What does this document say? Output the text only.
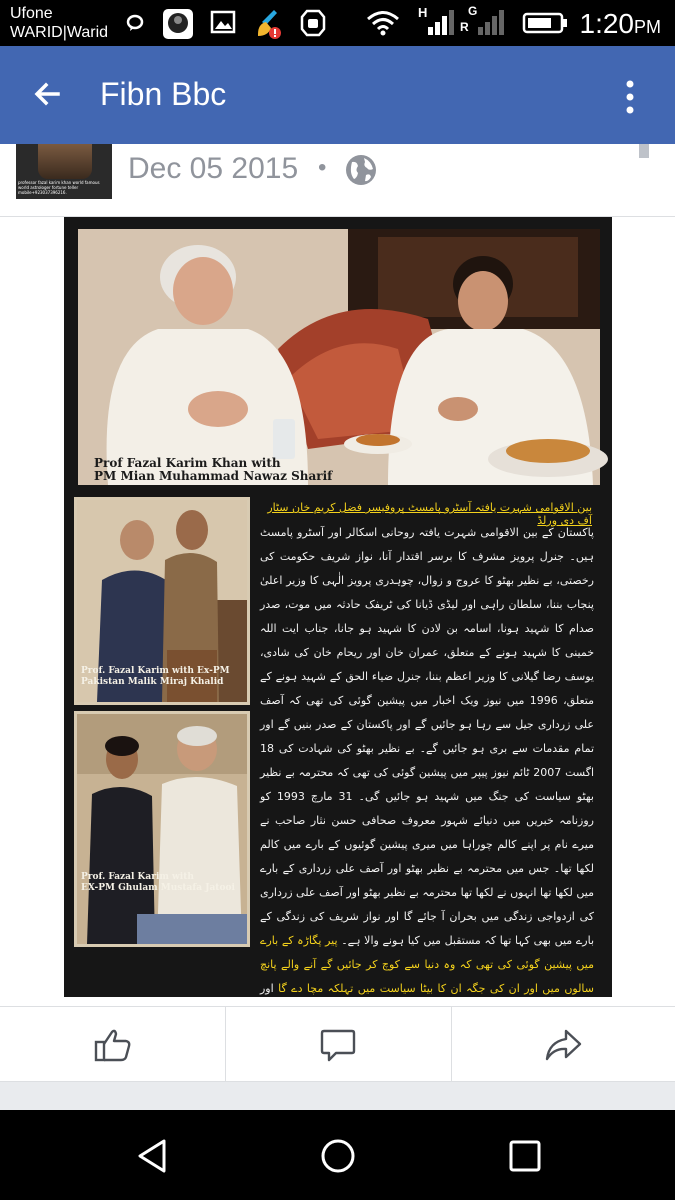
Ufone
WARID|Warid
H	G
R	1:20PM
Fibn Bbc
professor fazal karim khan world famous world astrologer fortune teller mobile+923037396216.
Dec 05 2015 •
Prof Fazal Karim Khan with
PM Mian Muhammad Nawaz Sharif
Prof. Fazal Karim with Ex-PM
Pakistan Malik Miraj Khalid
Prof. Fazal Karim with
EX-PM Ghulam Mustafa Jatooi
بین الاقوامی شہرت یافتہ آسٹرو پامسٹ پروفیسر فضل کریم خان سٹار آف دی ورلڈ
پاکستان کے بین الاقوامی شہرت یافتہ روحانی اسکالر اور آسٹرو پامسٹ ہیں۔ جنرل پرویز مشرف کا برسر اقتدار آنا، نواز شریف حکومت کی رخصتی، بے نظیر بھٹو کا عروج و زوال، چوہدری پرویز الٰہی کا وزیر اعلیٰ پنجاب بننا، سلطان راہی اور لیڈی ڈیانا کی ٹریفک حادثہ میں موت، صدر صدام کا شہید ہونا، اسامہ بن لادن کا شہید ہو جانا، جناب ایت اللہ خمینی کا شہید ہونے کے متعلق، عمران خان اور ریحام خان کی شادی، یوسف رضا گیلانی کا وزیر اعظم بننا، جنرل ضیاء الحق کے شہید ہونے کے متعلق، 1996 میں نیوز ویک اخبار میں پیشین گوئی کی تھی کہ آصف علی زرداری جیل سے رہا ہو جائیں گے اور پاکستان کے صدر بنیں گے اور تمام مقدمات سے بری ہو جائیں گے۔ بے نظیر بھٹو کی شہادت کی 18 اگست 2007 ٹائم نیوز پیپر میں پیشین گوئی کی تھی کہ محترمہ بے نظیر بھٹو سیاست کی جنگ میں شہید ہو جائیں گی۔ 31 مارچ 1993 کو روزنامہ خبریں میں دنیائے شہور معروف صحافی حسن نثار صاحب نے میرے نام پر اپنے کالم چوراہا میں میری پیشین گوئیوں کے بارے میں کالم لکھا تھا۔ جس میں محترمہ بے نظیر بھٹو اور آصف علی زرداری کے بارے میں لکھا تھا انہوں نے لکھا تھا محترمہ بے نظیر بھٹو اور آصف علی زرداری کی ازدواجی زندگی میں بحران آ جائے گا اور نواز شریف کی زندگی کے بارے میں بھی کہا تھا کہ مستقبل میں کیا ہونے والا ہے۔ پیر پگاڑہ کے بارے میں پیشین گوئی کی تھی کہ وہ دنیا سے کوچ کر جائیں گے آنے والے پانچ سالوں میں اور ان کی جگہ ان کا بیٹا سیاست میں تہلکہ مچا دے گا اور
